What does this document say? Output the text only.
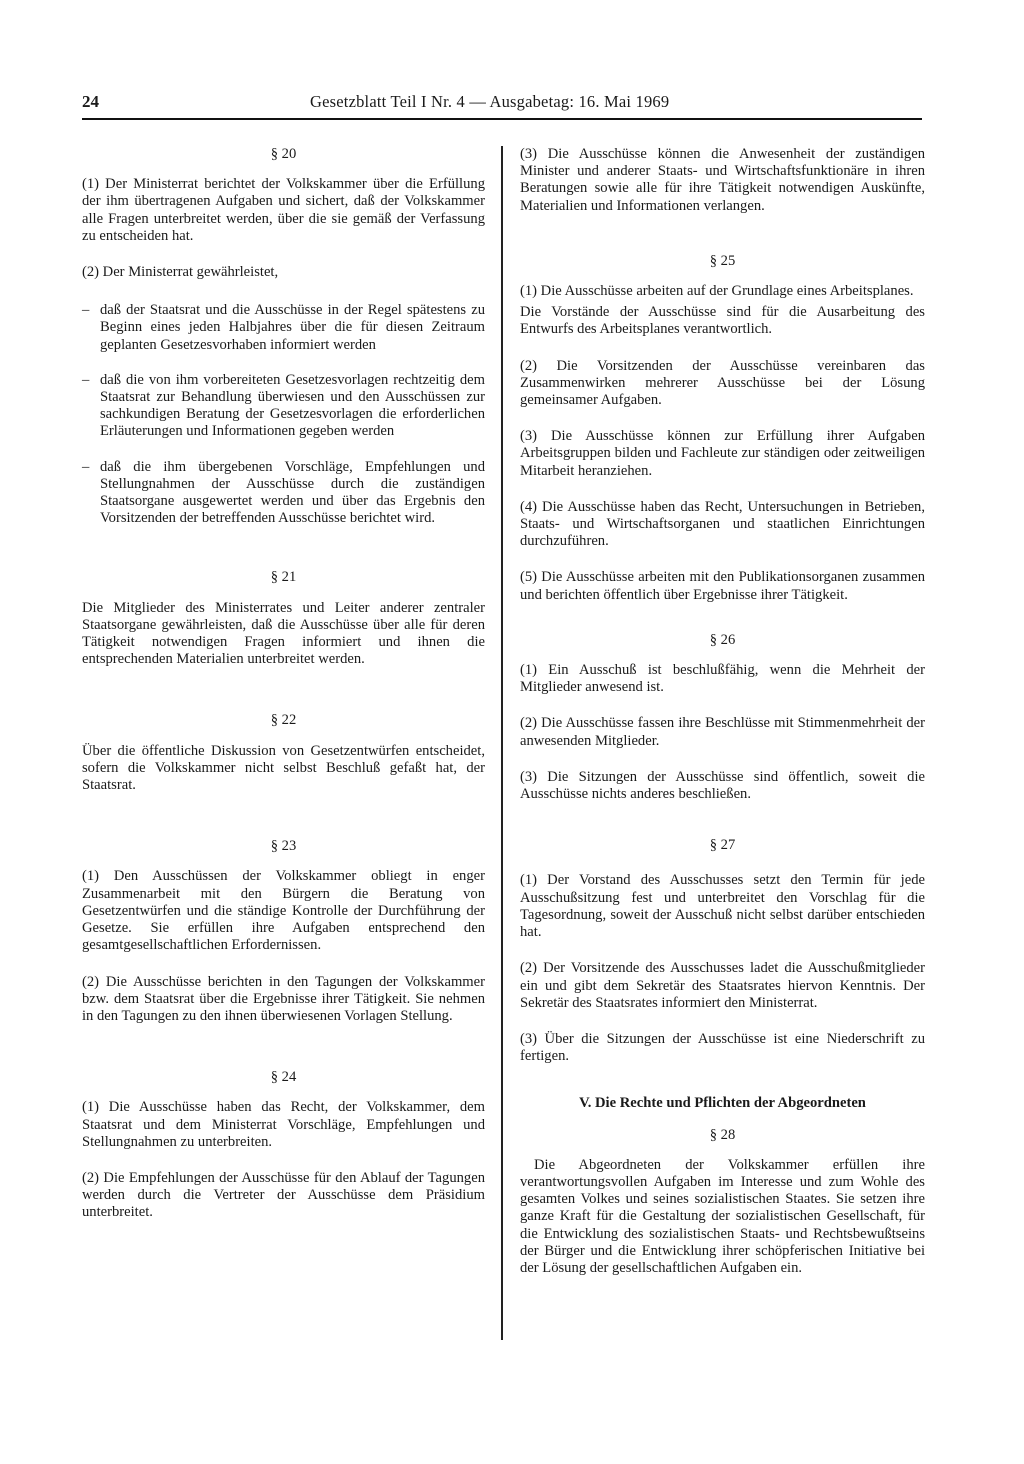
24	Gesetzblatt Teil I Nr. 4 — Ausgabetag: 16. Mai 1969

§ 20

(1) Der Ministerrat berichtet der Volkskammer über die Erfüllung der ihm übertragenen Aufgaben und sichert, daß der Volkskammer alle Fragen unterbreitet werden, über die sie gemäß der Verfassung zu entscheiden hat.

(2) Der Ministerrat gewährleistet,

– daß der Staatsrat und die Ausschüsse in der Regel spätestens zu Beginn eines jeden Halbjahres über die für diesen Zeitraum geplanten Gesetzesvorhaben informiert werden
– daß die von ihm vorbereiteten Gesetzesvorlagen rechtzeitig dem Staatsrat zur Behandlung überwiesen und den Ausschüssen zur sachkundigen Beratung der Gesetzesvorlagen die erforderlichen Erläuterungen und Informationen gegeben werden
– daß die ihm übergebenen Vorschläge, Empfehlungen und Stellungnahmen der Ausschüsse durch die zuständigen Staatsorgane ausgewertet werden und über das Ergebnis den Vorsitzenden der betreffenden Ausschüsse berichtet wird.

§ 21

Die Mitglieder des Ministerrates und Leiter anderer zentraler Staatsorgane gewährleisten, daß die Ausschüsse über alle für deren Tätigkeit notwendigen Fragen informiert und ihnen die entsprechenden Materialien unterbreitet werden.

§ 22

Über die öffentliche Diskussion von Gesetzentwürfen entscheidet, sofern die Volkskammer nicht selbst Beschluß gefaßt hat, der Staatsrat.

§ 23

(1) Den Ausschüssen der Volkskammer obliegt in enger Zusammenarbeit mit den Bürgern die Beratung von Gesetzentwürfen und die ständige Kontrolle der Durchführung der Gesetze. Sie erfüllen ihre Aufgaben entsprechend den gesamtgesellschaftlichen Erfordernissen.

(2) Die Ausschüsse berichten in den Tagungen der Volkskammer bzw. dem Staatsrat über die Ergebnisse ihrer Tätigkeit. Sie nehmen in den Tagungen zu den ihnen überwiesenen Vorlagen Stellung.

§ 24

(1) Die Ausschüsse haben das Recht, der Volkskammer, dem Staatsrat und dem Ministerrat Vorschläge, Empfehlungen und Stellungnahmen zu unterbreiten.

(2) Die Empfehlungen der Ausschüsse für den Ablauf der Tagungen werden durch die Vertreter der Ausschüsse dem Präsidium unterbreitet.

(3) Die Ausschüsse können die Anwesenheit der zuständigen Minister und anderer Staats- und Wirtschaftsfunktionäre in ihren Beratungen sowie alle für ihre Tätigkeit notwendigen Auskünfte, Materialien und Informationen verlangen.

§ 25

(1) Die Ausschüsse arbeiten auf der Grundlage eines Arbeitsplanes.

Die Vorstände der Ausschüsse sind für die Ausarbeitung des Entwurfs des Arbeitsplanes verantwortlich.

(2) Die Vorsitzenden der Ausschüsse vereinbaren das Zusammenwirken mehrerer Ausschüsse bei der Lösung gemeinsamer Aufgaben.

(3) Die Ausschüsse können zur Erfüllung ihrer Aufgaben Arbeitsgruppen bilden und Fachleute zur ständigen oder zeitweiligen Mitarbeit heranziehen.

(4) Die Ausschüsse haben das Recht, Untersuchungen in Betrieben, Staats- und Wirtschaftsorganen und staatlichen Einrichtungen durchzuführen.

(5) Die Ausschüsse arbeiten mit den Publikationsorganen zusammen und berichten öffentlich über Ergebnisse ihrer Tätigkeit.

§ 26

(1) Ein Ausschuß ist beschlußfähig, wenn die Mehrheit der Mitglieder anwesend ist.

(2) Die Ausschüsse fassen ihre Beschlüsse mit Stimmenmehrheit der anwesenden Mitglieder.

(3) Die Sitzungen der Ausschüsse sind öffentlich, soweit die Ausschüsse nichts anderes beschließen.

§ 27

(1) Der Vorstand des Ausschusses setzt den Termin für jede Ausschußsitzung fest und unterbreitet den Vorschlag für die Tagesordnung, soweit der Ausschuß nicht selbst darüber entschieden hat.

(2) Der Vorsitzende des Ausschusses ladet die Ausschußmitglieder ein und gibt dem Sekretär des Staatsrates hiervon Kenntnis. Der Sekretär des Staatsrates informiert den Ministerrat.

(3) Über die Sitzungen der Ausschüsse ist eine Niederschrift zu fertigen.

V. Die Rechte und Pflichten der Abgeordneten

§ 28

Die Abgeordneten der Volkskammer erfüllen ihre verantwortungsvollen Aufgaben im Interesse und zum Wohle des gesamten Volkes und seines sozialistischen Staates. Sie setzen ihre ganze Kraft für die Gestaltung der sozialistischen Gesellschaft, für die Entwicklung des sozialistischen Staats- und Rechtsbewußtseins der Bürger und die Entwicklung ihrer schöpferischen Initiative bei der Lösung der gesellschaftlichen Aufgaben ein.
